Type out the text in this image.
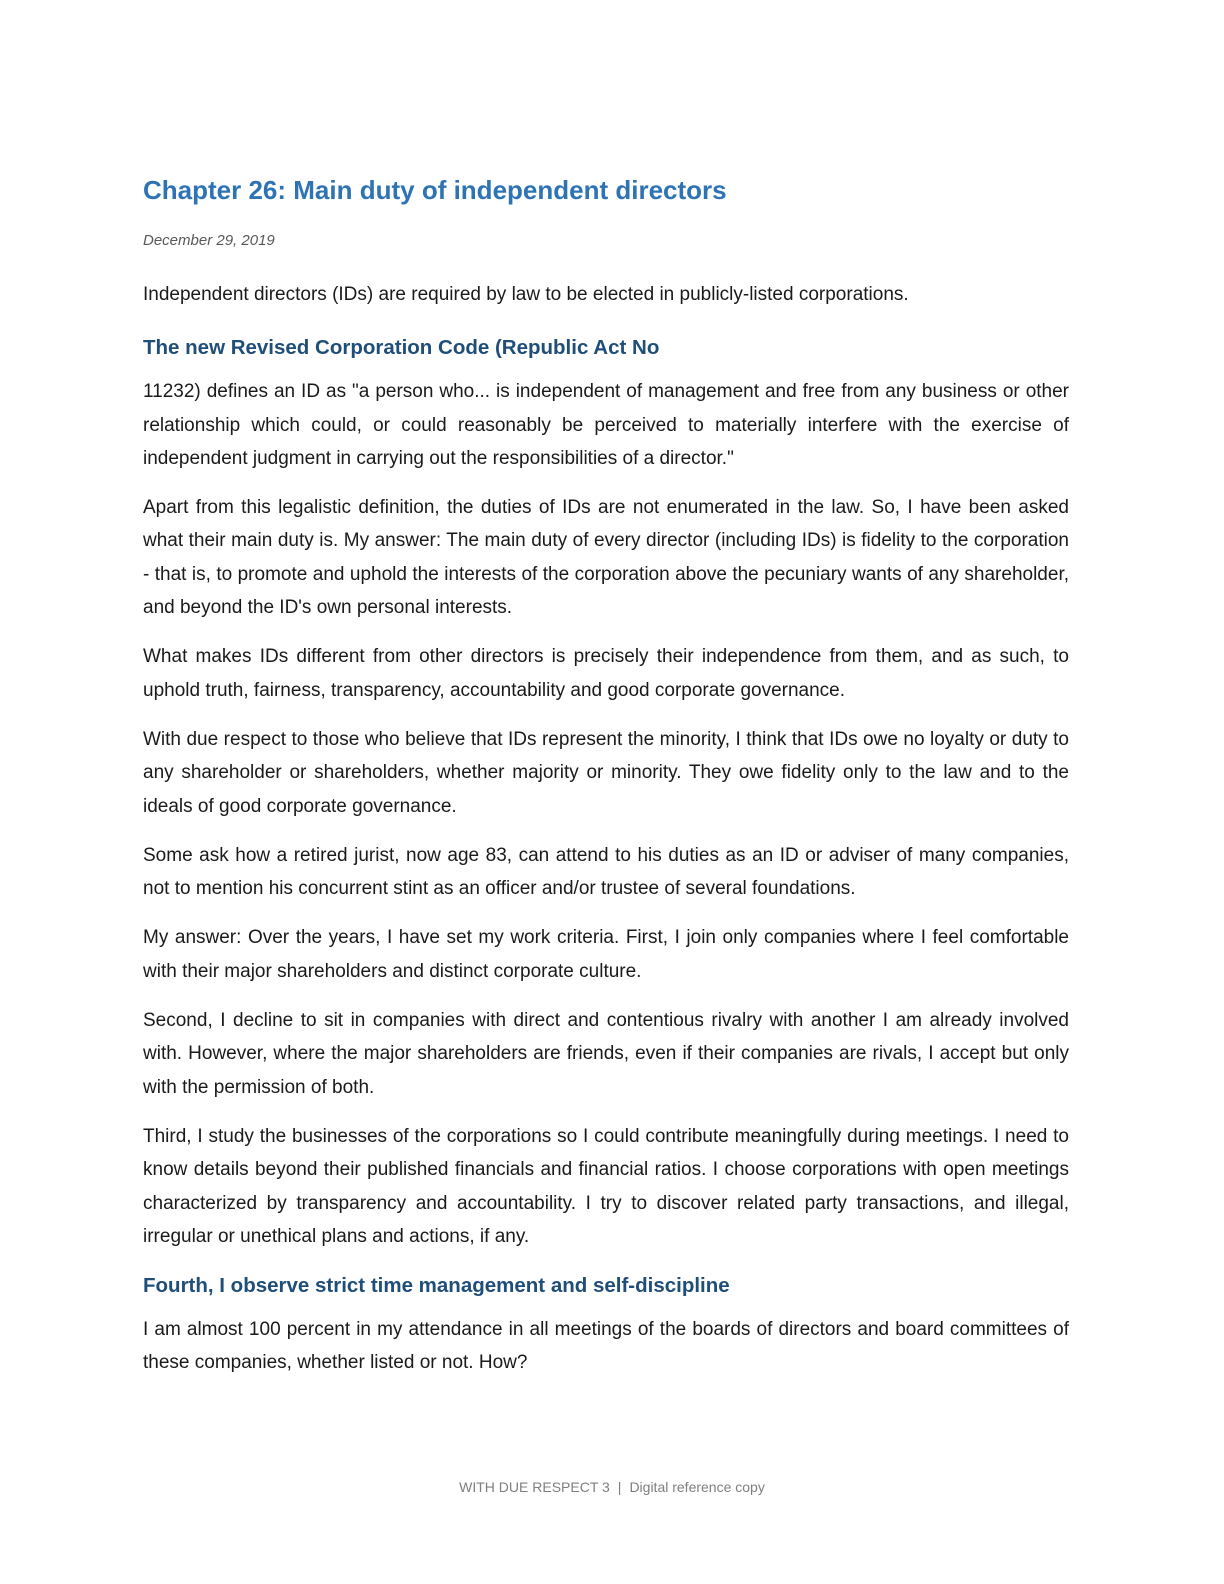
Chapter 26: Main duty of independent directors
December 29, 2019

Independent directors (IDs) are required by law to be elected in publicly-listed corporations.

The new Revised Corporation Code (Republic Act No

11232) defines an ID as "a person who... is independent of management and free from any business or other relationship which could, or could reasonably be perceived to materially interfere with the exercise of independent judgment in carrying out the responsibilities of a director."

Apart from this legalistic definition, the duties of IDs are not enumerated in the law. So, I have been asked what their main duty is. My answer: The main duty of every director (including IDs) is fidelity to the corporation - that is, to promote and uphold the interests of the corporation above the pecuniary wants of any shareholder, and beyond the ID's own personal interests.

What makes IDs different from other directors is precisely their independence from them, and as such, to uphold truth, fairness, transparency, accountability and good corporate governance.

With due respect to those who believe that IDs represent the minority, I think that IDs owe no loyalty or duty to any shareholder or shareholders, whether majority or minority. They owe fidelity only to the law and to the ideals of good corporate governance.

Some ask how a retired jurist, now age 83, can attend to his duties as an ID or adviser of many companies, not to mention his concurrent stint as an officer and/or trustee of several foundations.

My answer: Over the years, I have set my work criteria. First, I join only companies where I feel comfortable with their major shareholders and distinct corporate culture.

Second, I decline to sit in companies with direct and contentious rivalry with another I am already involved with. However, where the major shareholders are friends, even if their companies are rivals, I accept but only with the permission of both.

Third, I study the businesses of the corporations so I could contribute meaningfully during meetings. I need to know details beyond their published financials and financial ratios. I choose corporations with open meetings characterized by transparency and accountability. I try to discover related party transactions, and illegal, irregular or unethical plans and actions, if any.

Fourth, I observe strict time management and self-discipline

I am almost 100 percent in my attendance in all meetings of the boards of directors and board committees of these companies, whether listed or not. How?

WITH DUE RESPECT 3 | Digital reference copy
